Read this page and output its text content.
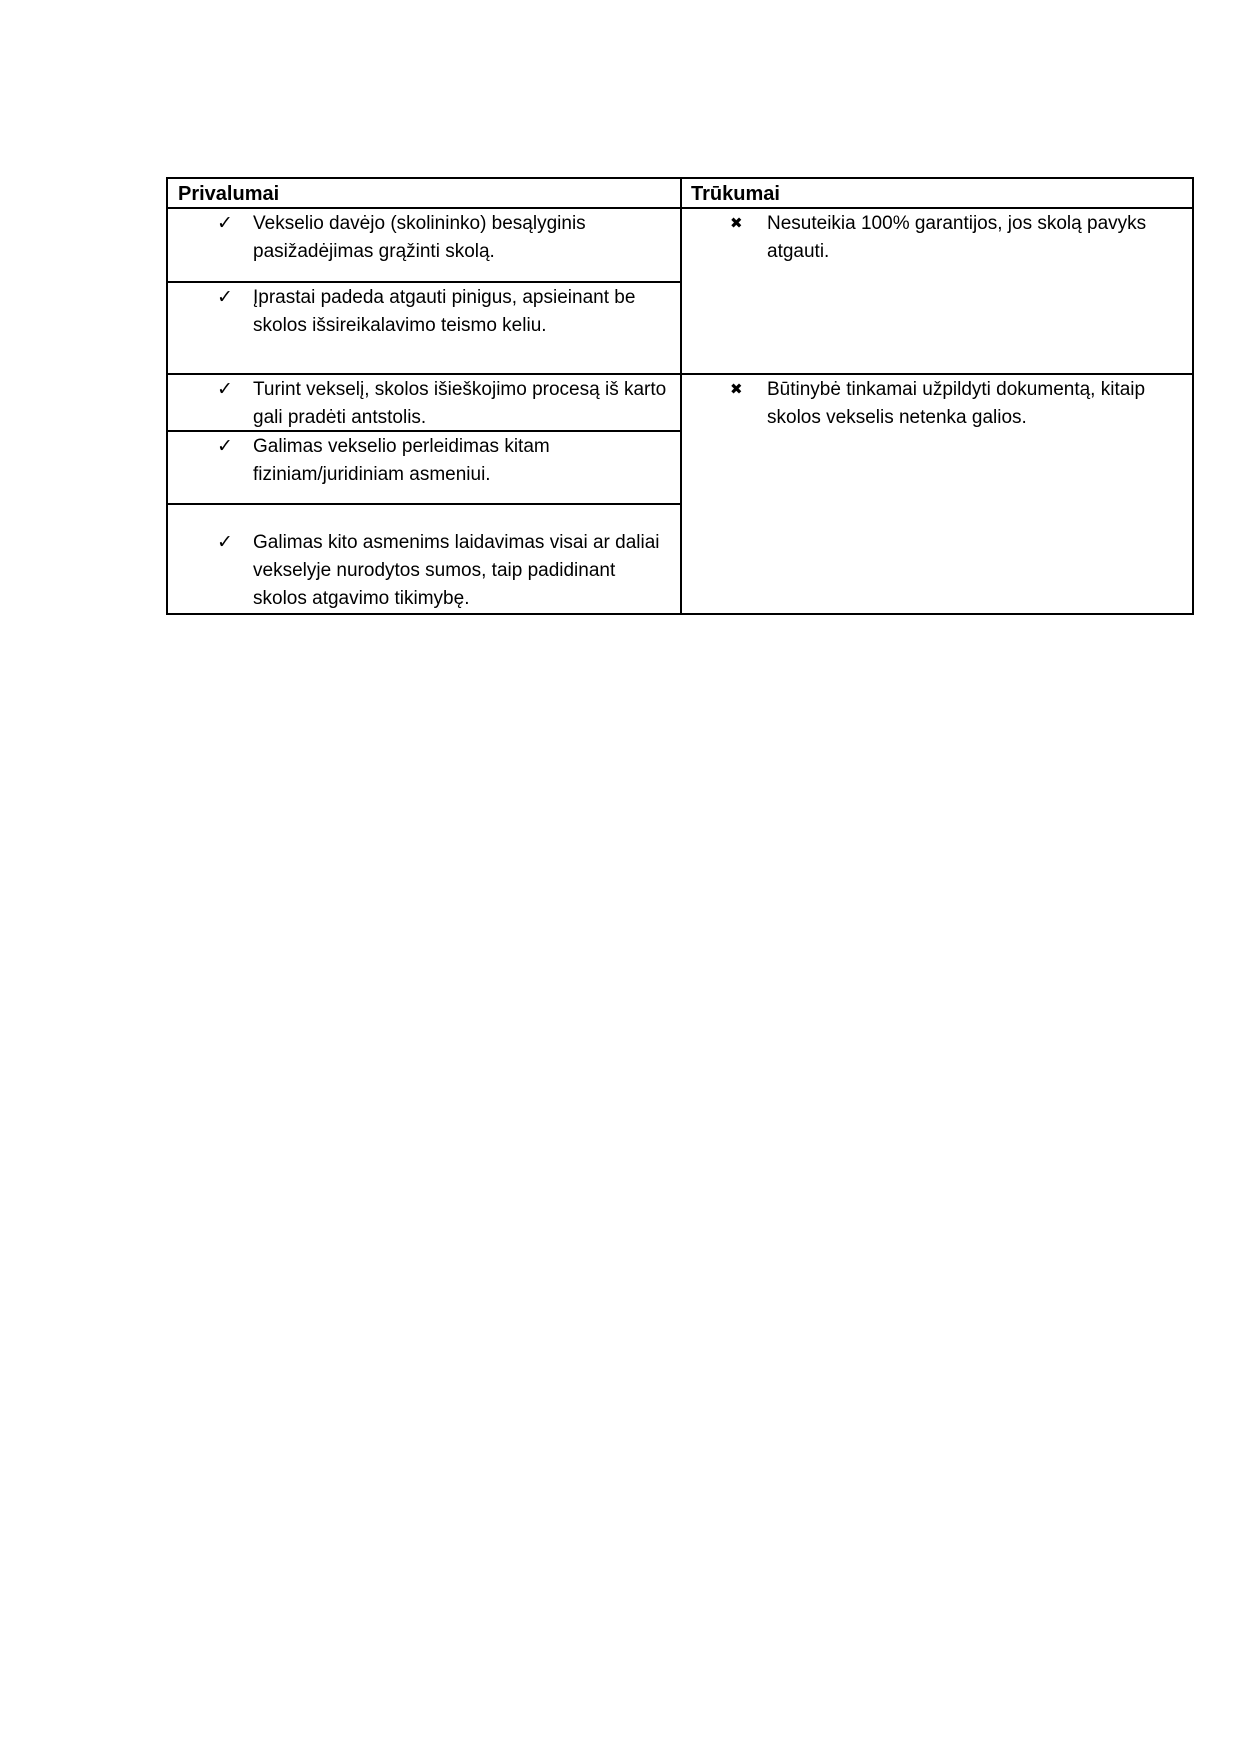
Privalumai	Trūkumai
✓ Vekselio davėjo (skolininko) besąlyginis pasižadėjimas grąžinti skolą.
✓ Įprastai padeda atgauti pinigus, apsieinant be skolos išsireikalavimo teismo keliu.
✓ Turint vekselį, skolos išieškojimo procesą iš karto gali pradėti antstolis.
✓ Galimas vekselio perleidimas kitam fiziniam/juridiniam asmeniui.
✓ Galimas kito asmenims laidavimas visai ar daliai vekselyje nurodytos sumos, taip padidinant skolos atgavimo tikimybę.
✖ Nesuteikia 100% garantijos, jos skolą pavyks atgauti.
✖ Būtinybė tinkamai užpildyti dokumentą, kitaip skolos vekselis netenka galios.
